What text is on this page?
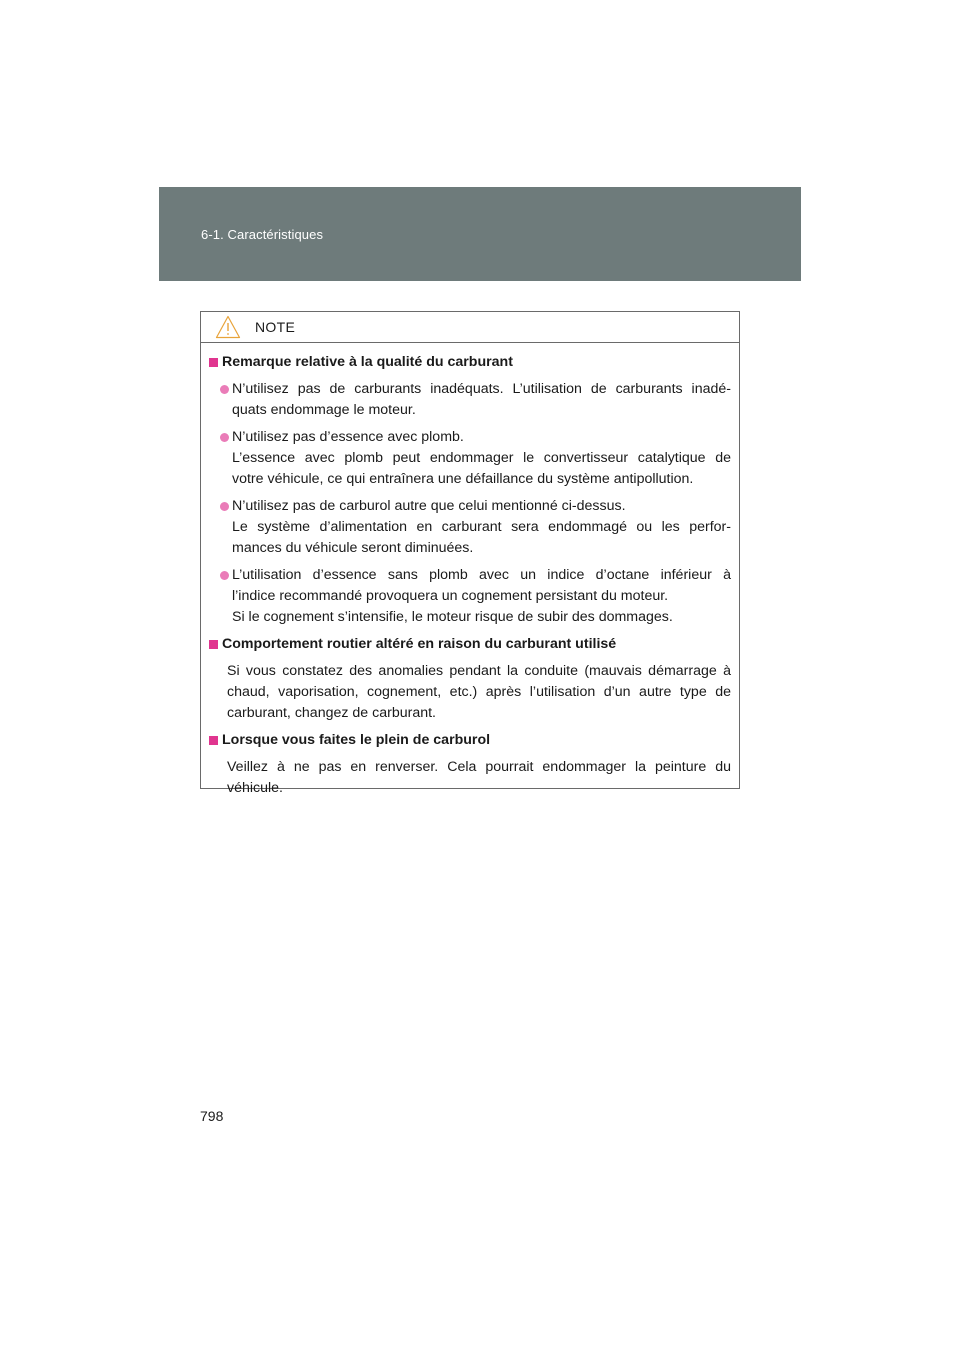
6-1. Caractéristiques
NOTE
Remarque relative à la qualité du carburant
N’utilisez pas de carburants inadéquats. L’utilisation de carburants inadé-
quats endommage le moteur.
N’utilisez pas d’essence avec plomb.
L’essence avec plomb peut endommager le convertisseur catalytique de
votre véhicule, ce qui entraînera une défaillance du système antipollution.
N’utilisez pas de carburol autre que celui mentionné ci-dessus.
Le système d’alimentation en carburant sera endommagé ou les perfor-
mances du véhicule seront diminuées.
L’utilisation d’essence sans plomb avec un indice d’octane inférieur à
l’indice recommandé provoquera un cognement persistant du moteur.
Si le cognement s’intensifie, le moteur risque de subir des dommages.
Comportement routier altéré en raison du carburant utilisé
Si vous constatez des anomalies pendant la conduite (mauvais démarrage à
chaud, vaporisation, cognement, etc.) après l’utilisation d’un autre type de
carburant, changez de carburant.
Lorsque vous faites le plein de carburol
Veillez à ne pas en renverser. Cela pourrait endommager la peinture du
véhicule.
798
